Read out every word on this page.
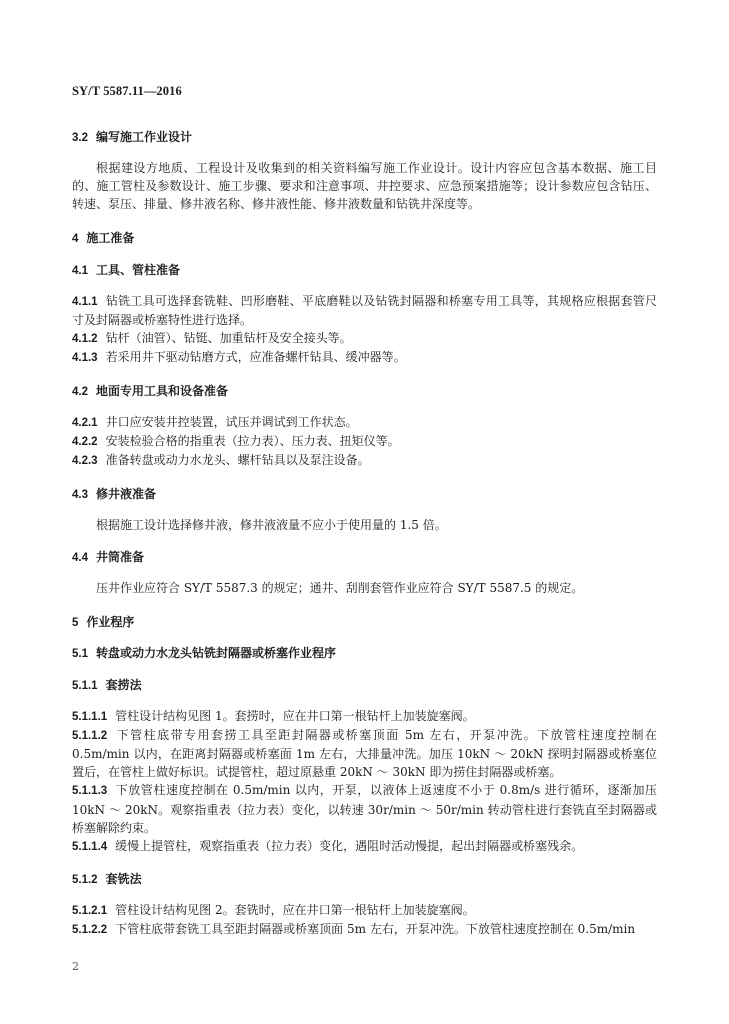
SY/T 5587.11—2016
3.2 编写施工作业设计
根据建设方地质、工程设计及收集到的相关资料编写施工作业设计。设计内容应包含基本数据、施工目的、施工管柱及参数设计、施工步骤、要求和注意事项、井控要求、应急预案措施等；设计参数应包含钻压、转速、泵压、排量、修井液名称、修井液性能、修井液数量和钻铣井深度等。
4 施工准备
4.1 工具、管柱准备
4.1.1 钻铣工具可选择套铣鞋、凹形磨鞋、平底磨鞋以及钻铣封隔器和桥塞专用工具等，其规格应根据套管尺寸及封隔器或桥塞特性进行选择。
4.1.2 钻杆（油管）、钻铤、加重钻杆及安全接头等。
4.1.3 若采用井下驱动钻磨方式，应准备螺杆钻具、缓冲器等。
4.2 地面专用工具和设备准备
4.2.1 井口应安装井控装置，试压并调试到工作状态。
4.2.2 安装检验合格的指重表（拉力表）、压力表、扭矩仪等。
4.2.3 准备转盘或动力水龙头、螺杆钻具以及泵注设备。
4.3 修井液准备
根据施工设计选择修井液，修井液液量不应小于使用量的 1.5 倍。
4.4 井筒准备
压井作业应符合 SY/T 5587.3 的规定；通井、刮削套管作业应符合 SY/T 5587.5 的规定。
5 作业程序
5.1 转盘或动力水龙头钻铣封隔器或桥塞作业程序
5.1.1 套捞法
5.1.1.1 管柱设计结构见图 1。套捞时，应在井口第一根钻杆上加装旋塞阀。
5.1.1.2 下管柱底带专用套捞工具至距封隔器或桥塞顶面 5m 左右，开泵冲洗。下放管柱速度控制在 0.5m/min 以内，在距离封隔器或桥塞面 1m 左右，大排量冲洗。加压 10kN ～ 20kN 探明封隔器或桥塞位置后，在管柱上做好标识。试提管柱，超过原悬重 20kN ～ 30kN 即为捞住封隔器或桥塞。
5.1.1.3 下放管柱速度控制在 0.5m/min 以内，开泵，以液体上返速度不小于 0.8m/s 进行循环，逐渐加压 10kN ～ 20kN。观察指重表（拉力表）变化，以转速 30r/min ～ 50r/min 转动管柱进行套铣直至封隔器或桥塞解除约束。
5.1.1.4 缓慢上提管柱，观察指重表（拉力表）变化，遇阻时活动慢提，起出封隔器或桥塞残余。
5.1.2 套铣法
5.1.2.1 管柱设计结构见图 2。套铣时，应在井口第一根钻杆上加装旋塞阀。
5.1.2.2 下管柱底带套铣工具至距封隔器或桥塞顶面 5m 左右，开泵冲洗。下放管柱速度控制在 0.5m/min
2
